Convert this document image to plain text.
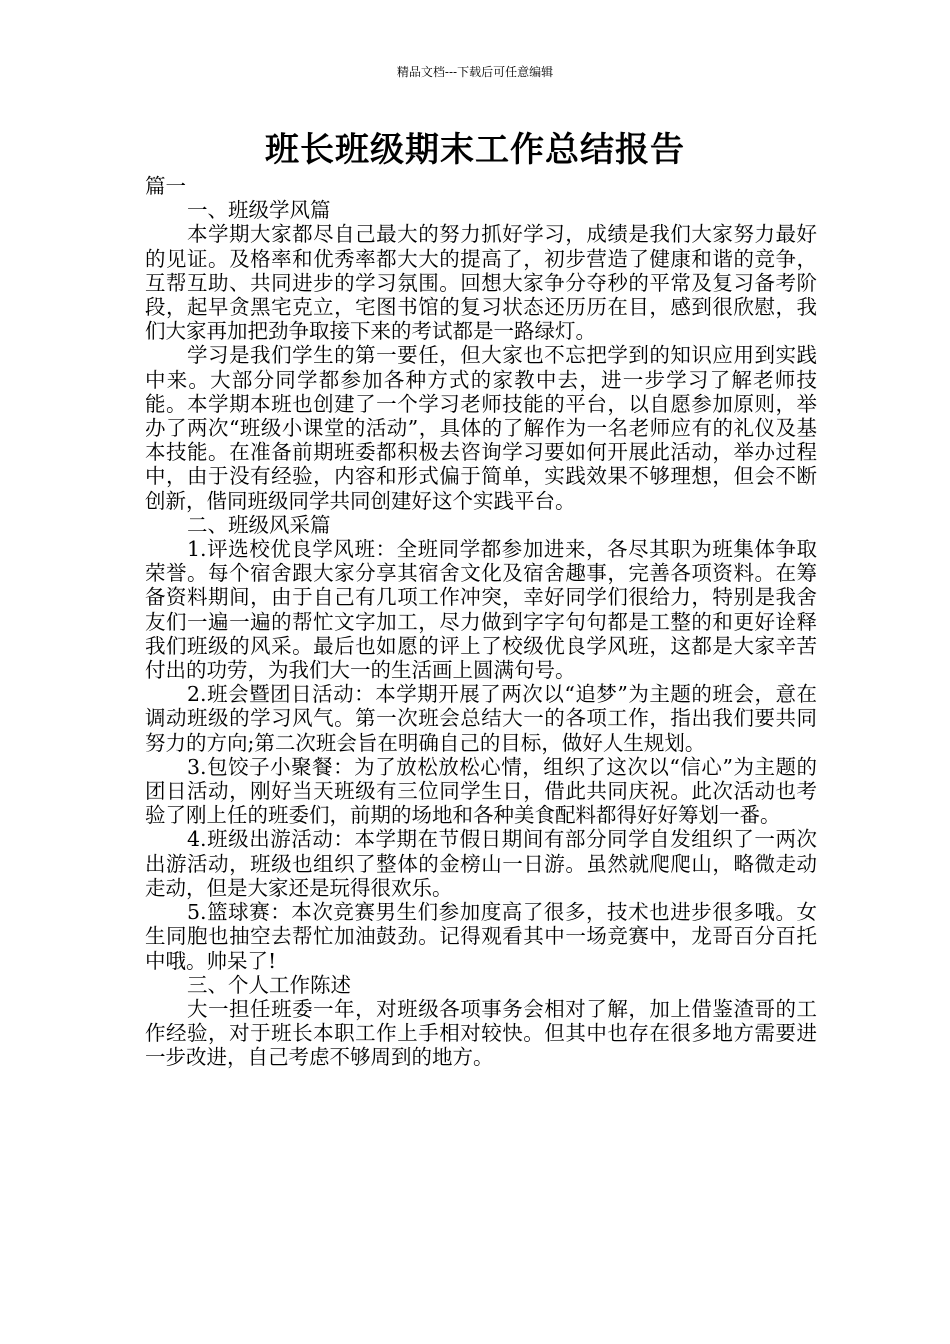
精品文档---下载后可任意编辑
班长班级期末工作总结报告

篇一

一、班级学风篇

本学期大家都尽自己最大的努力抓好学习，成绩是我们大家努力最好的见证。及格率和优秀率都大大的提高了，初步营造了健康和谐的竞争，互帮互助、共同进步的学习氛围。回想大家争分夺秒的平常及复习备考阶段，起早贪黑宅克立，宅图书馆的复习状态还历历在目，感到很欣慰，我们大家再加把劲争取接下来的考试都是一路绿灯。

学习是我们学生的第一要任，但大家也不忘把学到的知识应用到实践中来。大部分同学都参加各种方式的家教中去，进一步学习了解老师技能。本学期本班也创建了一个学习老师技能的平台，以自愿参加原则，举办了两次“班级小课堂的活动”，具体的了解作为一名老师应有的礼仪及基本技能。在准备前期班委都积极去咨询学习要如何开展此活动，举办过程中，由于没有经验，内容和形式偏于简单，实践效果不够理想，但会不断创新，偕同班级同学共同创建好这个实践平台。

二、班级风采篇

1.评选校优良学风班：全班同学都参加进来，各尽其职为班集体争取荣誉。每个宿舍跟大家分享其宿舍文化及宿舍趣事，完善各项资料。在筹备资料期间，由于自己有几项工作冲突，幸好同学们很给力，特别是我舍友们一遍一遍的帮忙文字加工，尽力做到字字句句都是工整的和更好诠释我们班级的风采。最后也如愿的评上了校级优良学风班，这都是大家辛苦付出的功劳，为我们大一的生活画上圆满句号。

2.班会暨团日活动：本学期开展了两次以“追梦”为主题的班会，意在调动班级的学习风气。第一次班会总结大一的各项工作，指出我们要共同努力的方向;第二次班会旨在明确自己的目标，做好人生规划。

3.包饺子小聚餐：为了放松放松心情，组织了这次以“信心”为主题的团日活动，刚好当天班级有三位同学生日，借此共同庆祝。此次活动也考验了刚上任的班委们，前期的场地和各种美食配料都得好好筹划一番。

4.班级出游活动：本学期在节假日期间有部分同学自发组织了一两次出游活动，班级也组织了整体的金榜山一日游。虽然就爬爬山，略微走动走动，但是大家还是玩得很欢乐。

5.篮球赛：本次竞赛男生们参加度高了很多，技术也进步很多哦。女生同胞也抽空去帮忙加油鼓劲。记得观看其中一场竞赛中，龙哥百分百托中哦。帅呆了!

三、个人工作陈述

大一担任班委一年，对班级各项事务会相对了解，加上借鉴渣哥的工作经验，对于班长本职工作上手相对较快。但其中也存在很多地方需要进一步改进，自己考虑不够周到的地方。
